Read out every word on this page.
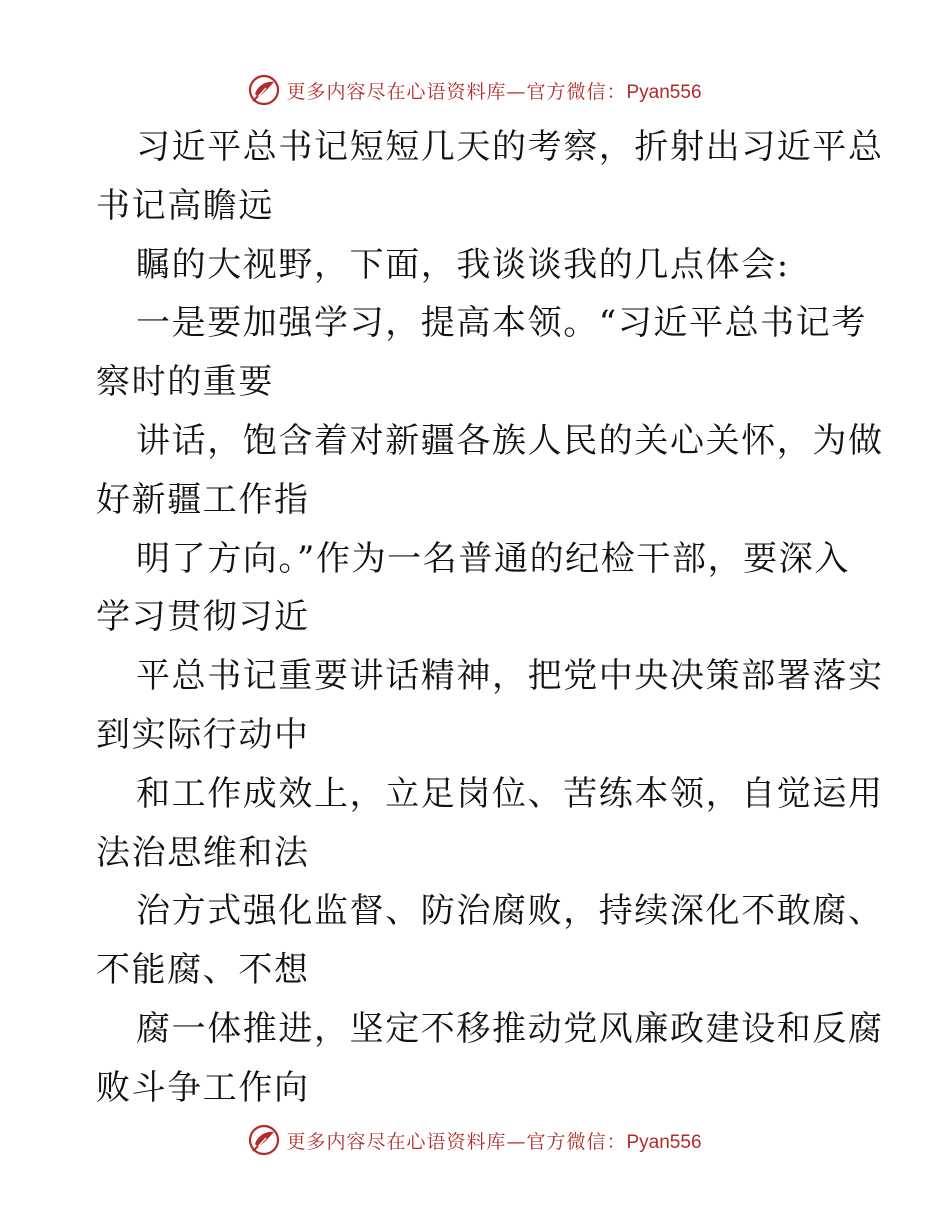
更多内容尽在心语资料库—官方微信：Pyan556
习近平总书记短短几天的考察，折射出习近平总
书记高瞻远
瞩的大视野，下面，我谈谈我的几点体会:
一是要加强学习，提高本领。“习近平总书记考
察时的重要
讲话，饱含着对新疆各族人民的关心关怀，为做
好新疆工作指
明了方向。”作为一名普通的纪检干部，要深入
学习贯彻习近
平总书记重要讲话精神，把党中央决策部署落实
到实际行动中
和工作成效上，立足岗位、苦练本领，自觉运用
法治思维和法
治方式强化监督、防治腐败，持续深化不敢腐、
不能腐、不想
腐一体推进，坚定不移推动党风廉政建设和反腐
败斗争工作向
更多内容尽在心语资料库—官方微信：Pyan556
